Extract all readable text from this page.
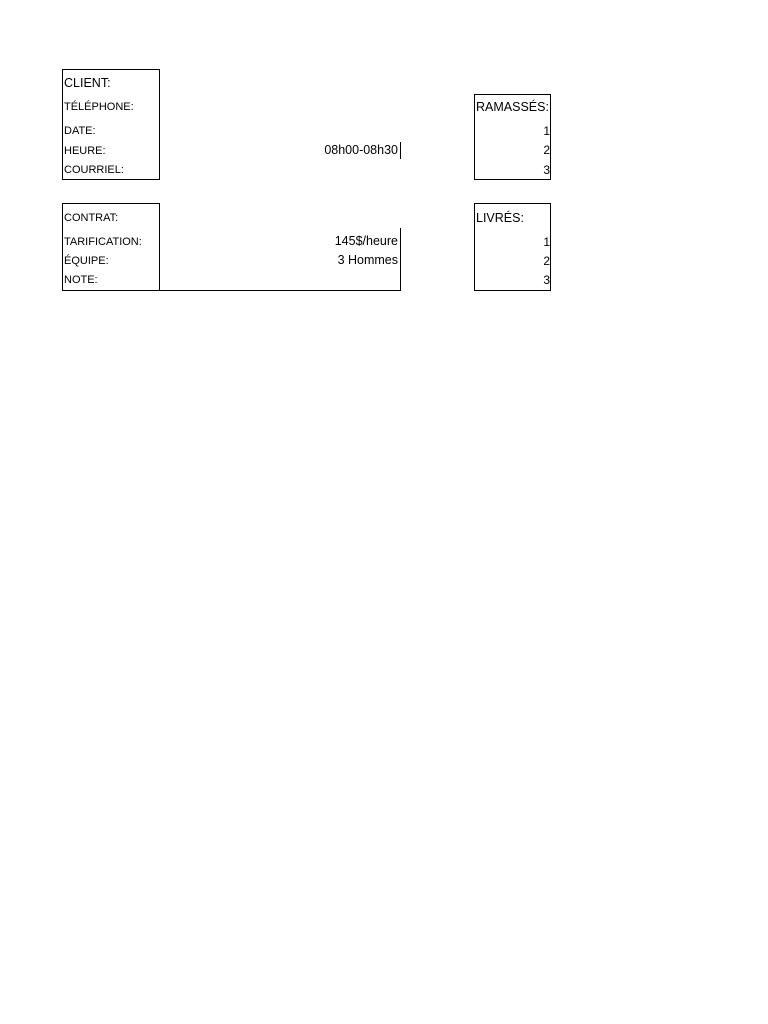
CLIENT:
TÉLÉPHONE:
DATE:
HEURE:
COURRIEL:
08h00-08h30
CONTRAT:
TARIFICATION:	145$/heure
ÉQUIPE:	3 Hommes
NOTE:
RAMASSÉS:
1
2
3
LIVRÉS:
1
2
3
